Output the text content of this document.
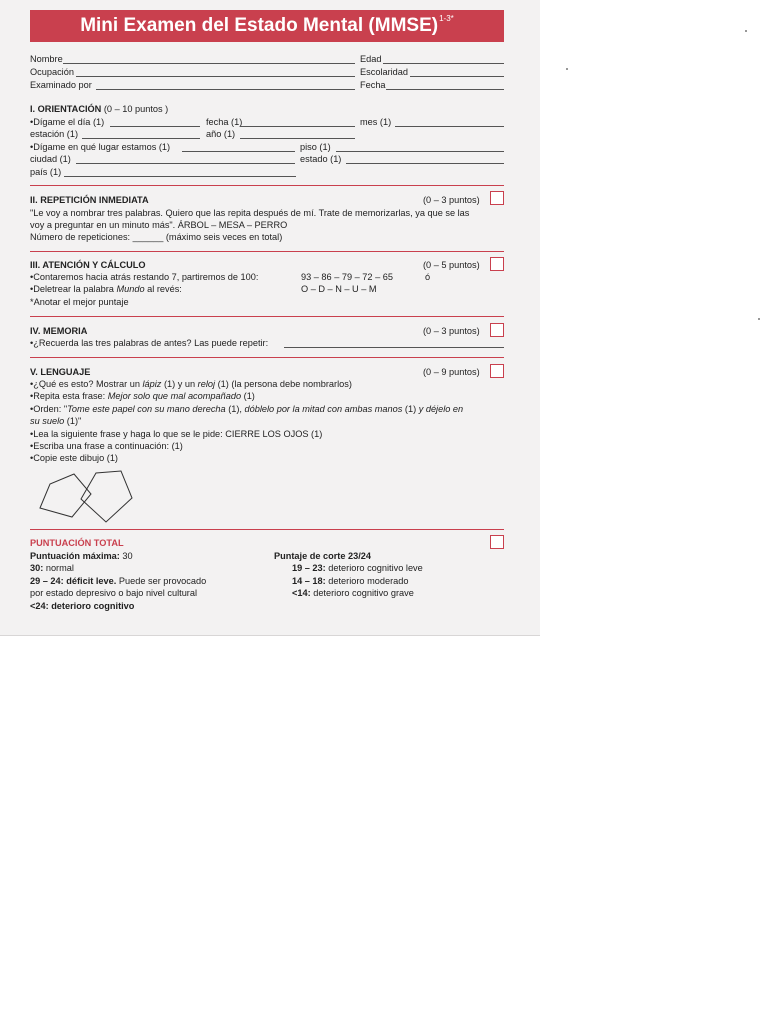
Mini Examen del Estado Mental (MMSE)$^{1-3*}$
Nombre	Edad
Ocupación	Escolaridad
Examinado por	Fecha
I. ORIENTACIÓN (0 – 10 puntos )
•Dígame el día (1)	fecha (1)	mes (1)
estación (1)	año (1)
•Dígame en qué lugar estamos (1)	piso (1)
ciudad (1)	estado (1)
país (1)
II. REPETICIÓN INMEDIATA	(0 – 3 puntos)
"Le voy a nombrar tres palabras. Quiero que las repita después de mí. Trate de memorizarlas, ya que se las
voy a preguntar en un minuto más". ÁRBOL – MESA – PERRO
Número de repeticiones: ______ (máximo seis veces en total)
III. ATENCIÓN Y CÁLCULO	(0 – 5 puntos)
•Contaremos hacia atrás restando 7, partiremos de 100:	93 – 86 – 79 – 72 – 65	ó
•Deletrear la palabra Mundo al revés:	O – D – N – U – M
*Anotar el mejor puntaje
IV. MEMORIA	(0 – 3 puntos)
•¿Recuerda las tres palabras de antes? Las puede repetir:
V. LENGUAJE	(0 – 9 puntos)
•¿Qué es esto? Mostrar un lápiz (1) y un reloj (1) (la persona debe nombrarlos)
•Repita esta frase: Mejor solo que mal acompañado (1)
•Orden: "Tome este papel con su mano derecha (1), dóblelo por la mitad con ambas manos (1) y déjelo en
su suelo (1)"
•Lea la siguiente frase y haga lo que se le pide: CIERRE LOS OJOS (1)
•Escriba una frase a continuación: (1)
•Copie este dibujo (1)
PUNTUACIÓN TOTAL
Puntuación máxima: 30
30: normal
29 – 24: déficit leve. Puede ser provocado
por estado depresivo o bajo nivel cultural
<24: deterioro cognitivo
Puntaje de corte 23/24
19 – 23: deterioro cognitivo leve
14 – 18: deterioro moderado
<14: deterioro cognitivo grave
